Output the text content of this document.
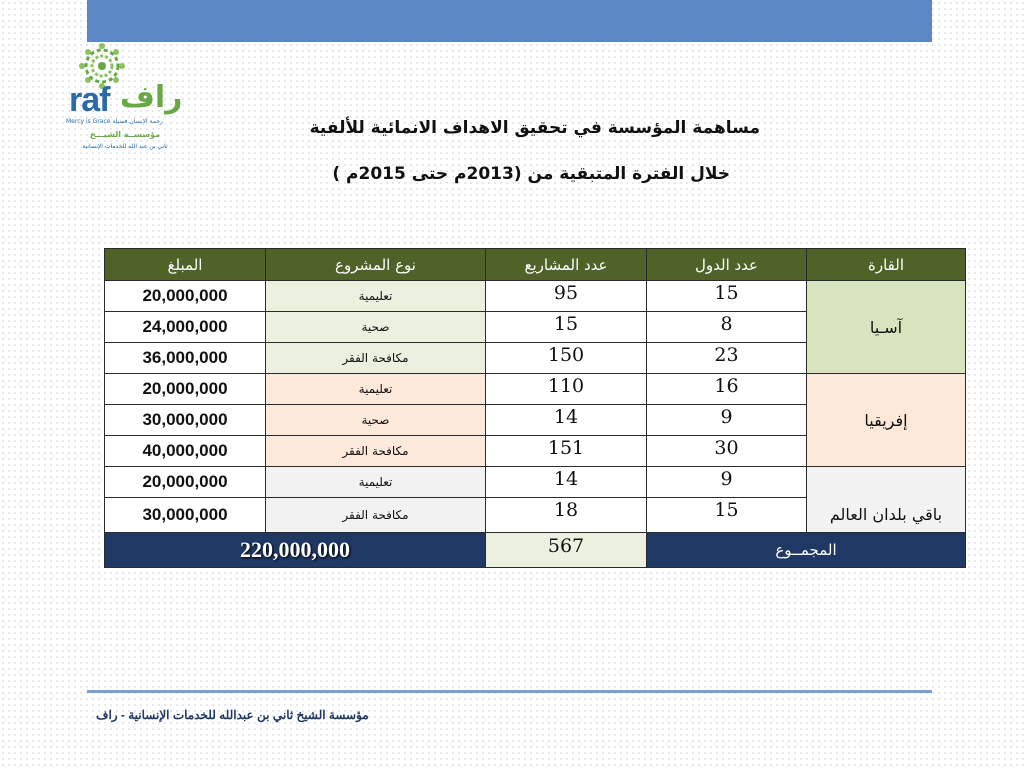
raf راف
Mercy is Grace رحمة الإنسان فضيلة
مؤسســة الشيـــخ
ثاني بن عبد الله للخدمات الإنسانية
مساهمة المؤسسة في تحقيق الاهداف الانمائية للألفية
خلال الفترة المتبقية من (2013م حتى 2015م )
القارة	عدد الدول	عدد المشاريع	نوع المشروع	المبلغ
آسـيا	15	95	تعليمية	20,000,000
	8	15	صحية	24,000,000
	23	150	مكافحة الفقر	36,000,000
إفريقيا	16	110	تعليمية	20,000,000
	9	14	صحية	30,000,000
	30	151	مكافحة الفقر	40,000,000
باقي بلدان العالم	9	14	تعليمية	20,000,000
	15	18	مكافحة الفقر	30,000,000
المجمــوع		567	220,000,000	
مؤسسة الشيخ ثاني بن عبدالله للخدمات الإنسانية - راف
